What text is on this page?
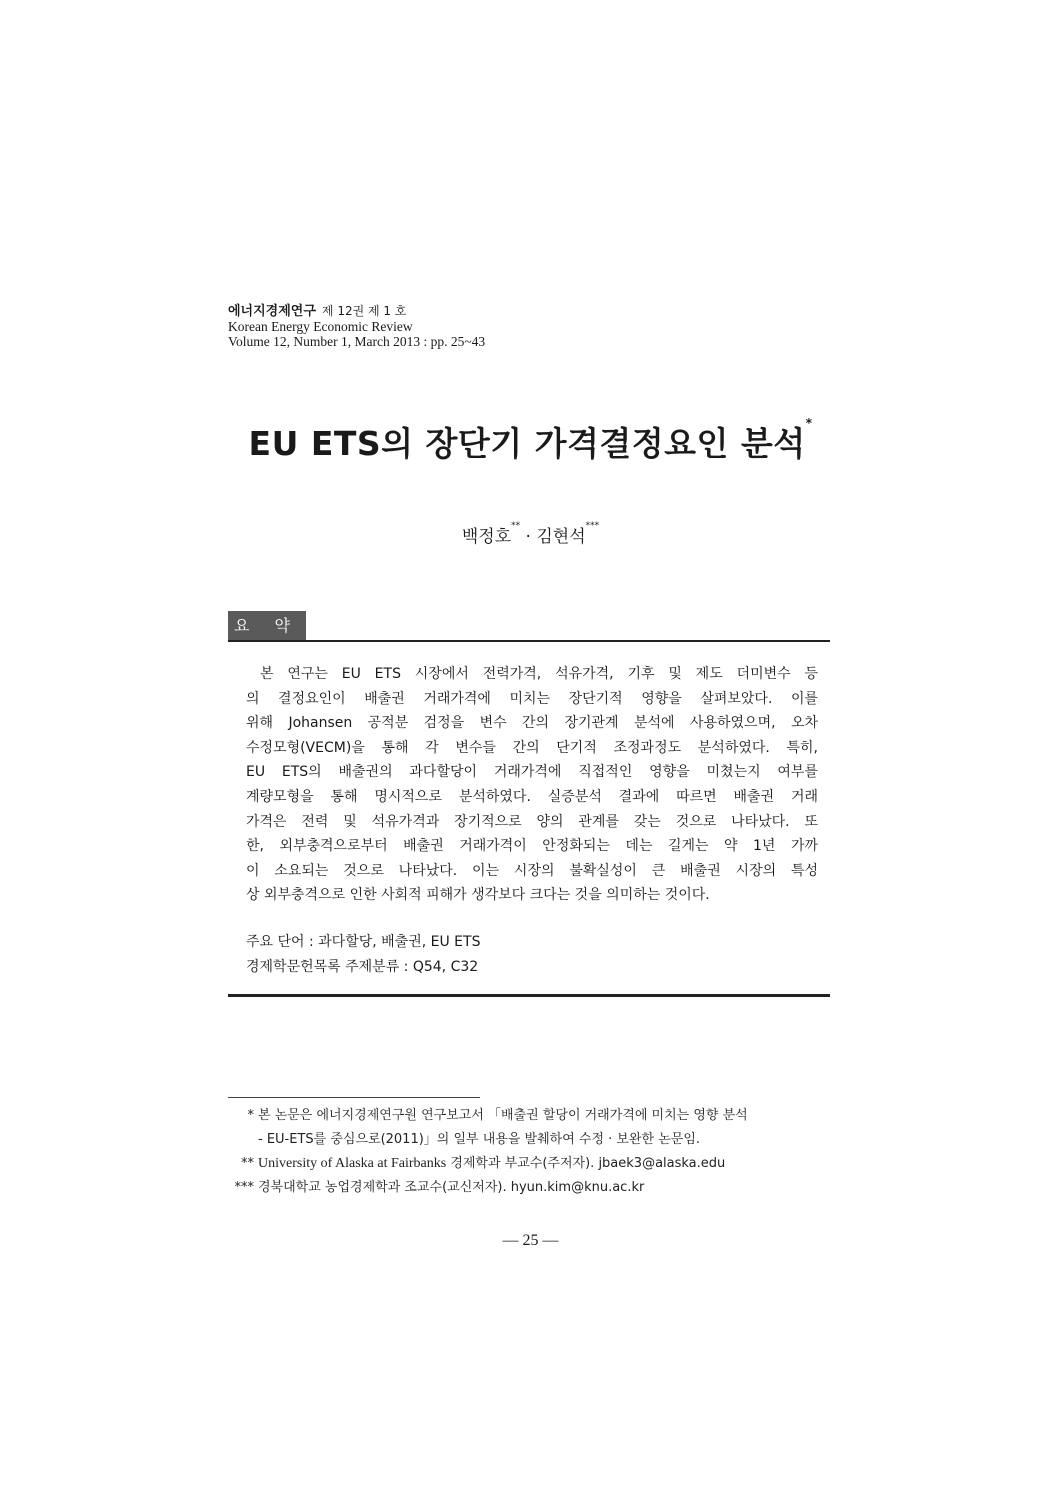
에너지경제연구 제 12권 제 1 호
Korean Energy Economic Review
Volume 12, Number 1, March 2013 : pp. 25~43
EU ETS의 장단기 가격결정요인 분석*
백정호** · 김현석***
요 약
본 연구는 EU ETS 시장에서 전력가격, 석유가격, 기후 및 제도 더미변수 등
의 결정요인이 배출권 거래가격에 미치는 장단기적 영향을 살펴보았다. 이를
위해 Johansen 공적분 검정을 변수 간의 장기관계 분석에 사용하였으며, 오차
수정모형(VECM)을 통해 각 변수들 간의 단기적 조정과정도 분석하였다. 특히,
EU ETS의 배출권의 과다할당이 거래가격에 직접적인 영향을 미쳤는지 여부를
계량모형을 통해 명시적으로 분석하였다. 실증분석 결과에 따르면 배출권 거래
가격은 전력 및 석유가격과 장기적으로 양의 관계를 갖는 것으로 나타났다. 또
한, 외부충격으로부터 배출권 거래가격이 안정화되는 데는 길게는 약 1년 가까
이 소요되는 것으로 나타났다. 이는 시장의 불확실성이 큰 배출권 시장의 특성
상 외부충격으로 인한 사회적 피해가 생각보다 크다는 것을 의미하는 것이다.
주요 단어 : 과다할당, 배출권, EU ETS
경제학문헌목록 주제분류 : Q54, C32
* 본 논문은 에너지경제연구원 연구보고서 「배출권 할당이 거래가격에 미치는 영향 분석
- EU-ETS를 중심으로(2011)」의 일부 내용을 발췌하여 수정 · 보완한 논문임.
** University of Alaska at Fairbanks 경제학과 부교수(주저자). jbaek3@alaska.edu
*** 경북대학교 농업경제학과 조교수(교신저자). hyun.kim@knu.ac.kr
— 25 —
